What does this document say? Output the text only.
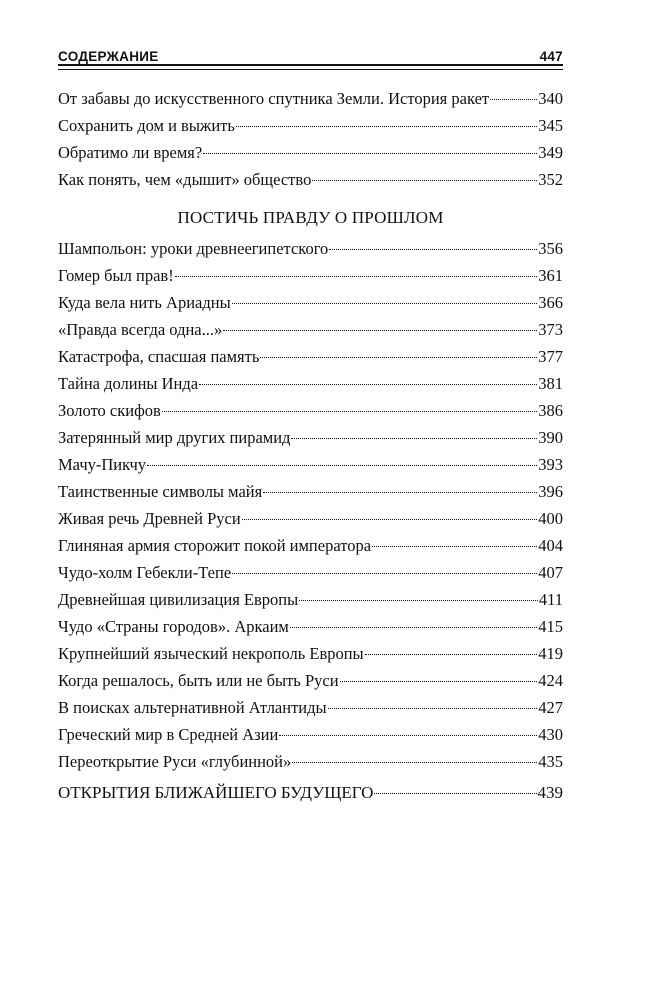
СОДЕРЖАНИЕ	447
От забавы до искусственного спутника Земли. История ракет	340
Сохранить дом и выжить	345
Обратимо ли время?	349
Как понять, чем «дышит» общество	352
ПОСТИЧЬ ПРАВДУ О ПРОШЛОМ
Шампольон: уроки древнеегипетского	356
Гомер был прав!	361
Куда вела нить Ариадны	366
«Правда всегда одна...»	373
Катастрофа, спасшая память	377
Тайна долины Инда	381
Золото скифов	386
Затерянный мир других пирамид	390
Мачу-Пикчу	393
Таинственные символы майя	396
Живая речь Древней Руси	400
Глиняная армия сторожит покой императора	404
Чудо-холм Гебекли-Тепе	407
Древнейшая цивилизация Европы	411
Чудо «Страны городов». Аркаим	415
Крупнейший языческий некрополь Европы	419
Когда решалось, быть или не быть Руси	424
В поисках альтернативной Атлантиды	427
Греческий мир в Средней Азии	430
Переоткрытие Руси «глубинной»	435
ОТКРЫТИЯ БЛИЖАЙШЕГО БУДУЩЕГО	439
